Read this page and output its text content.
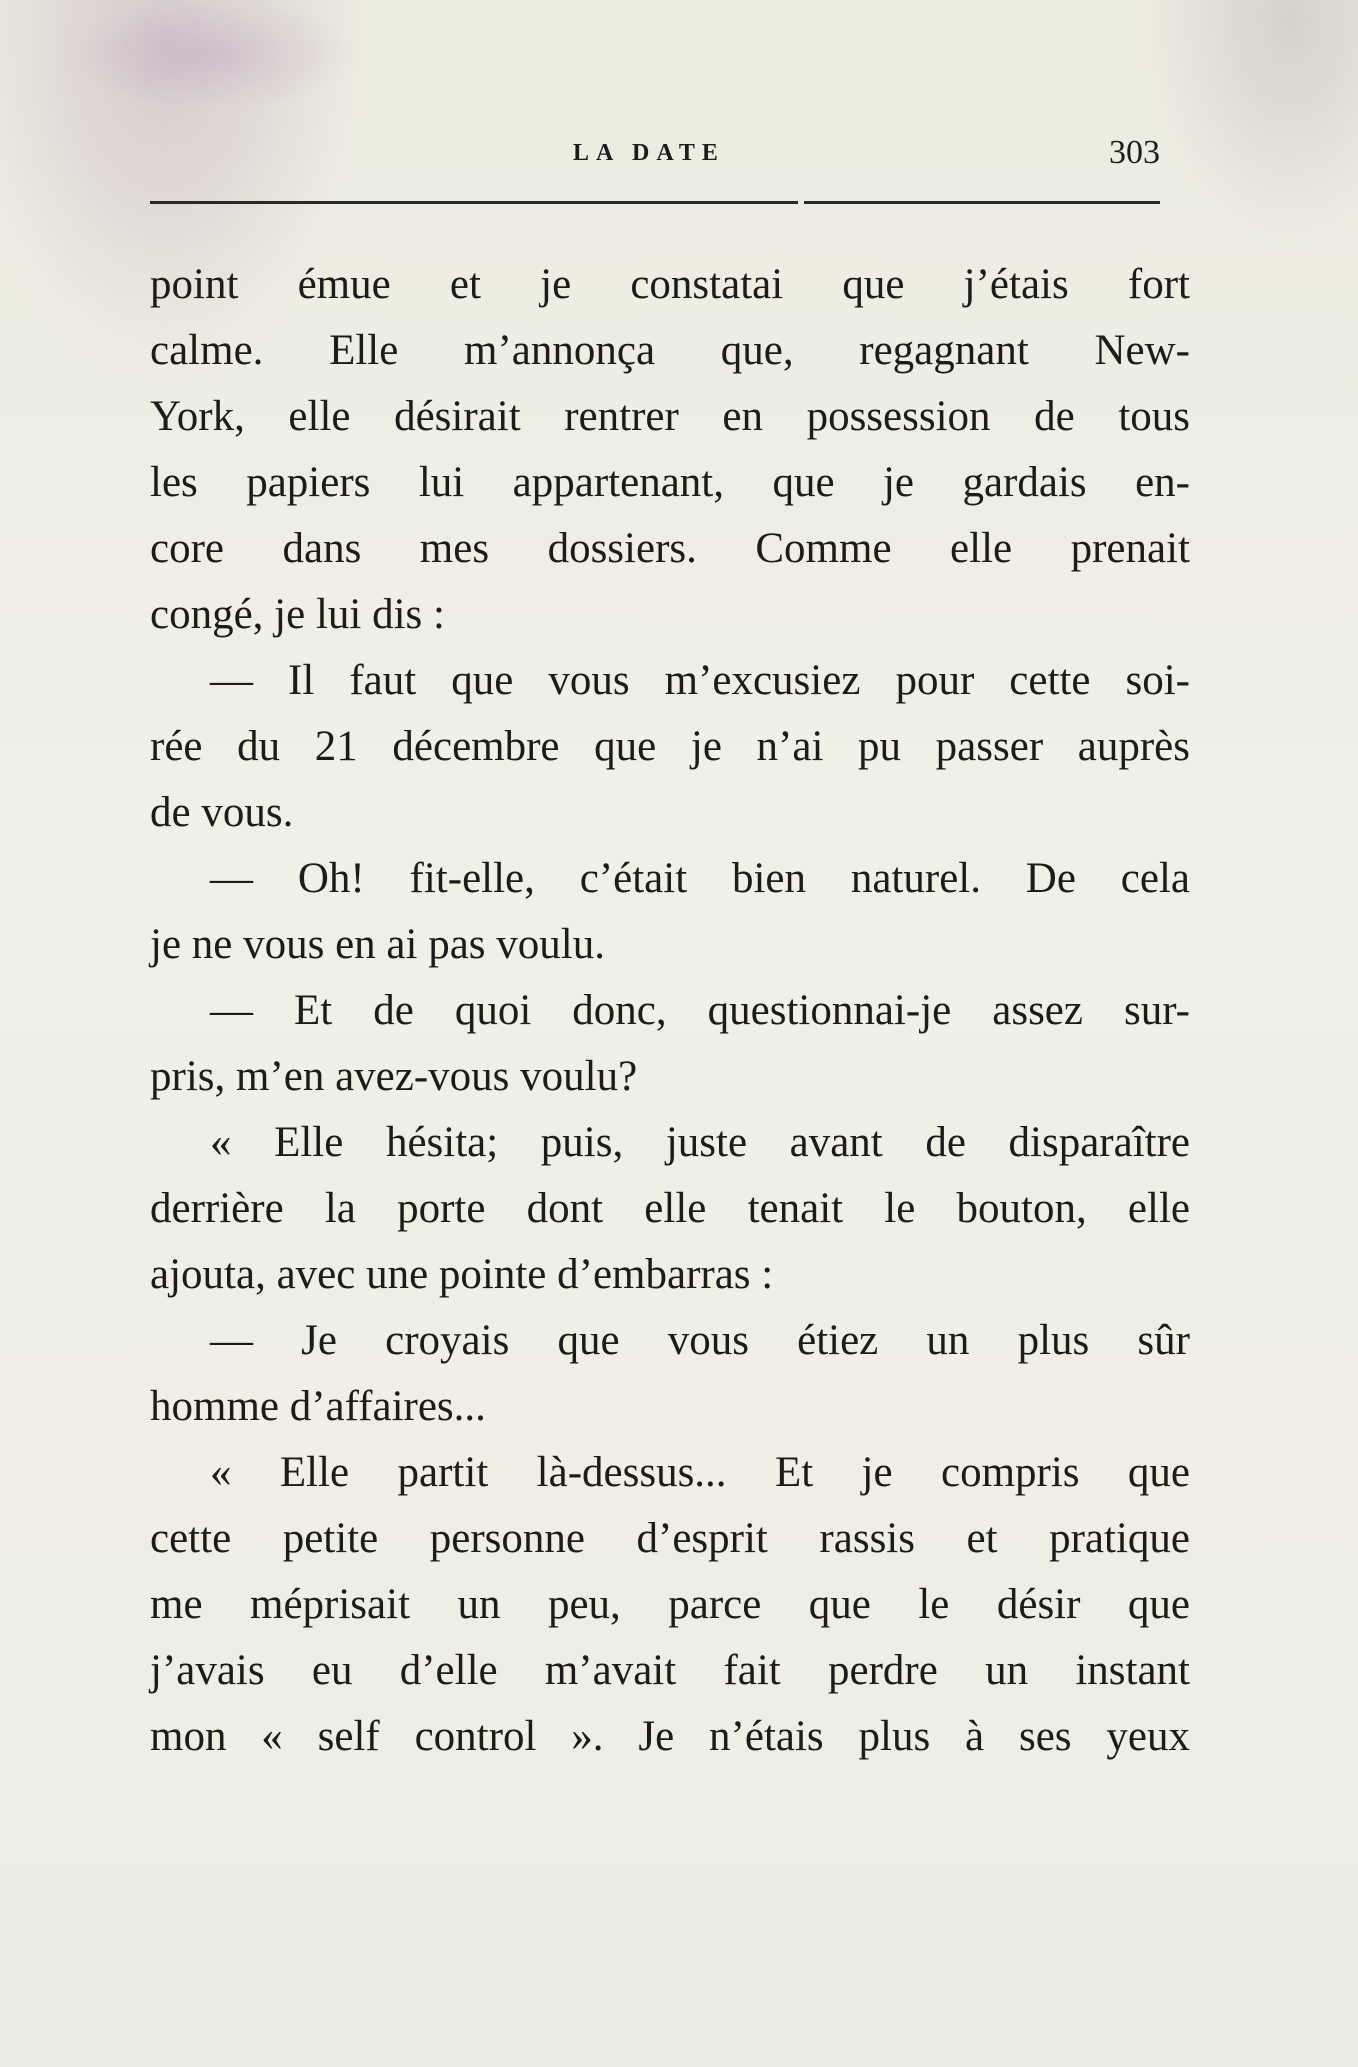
LA DATE	303
point émue et je constatai que j’étais fort
calme. Elle m’annonça que, regagnant New-
York, elle désirait rentrer en possession de tous
les papiers lui appartenant, que je gardais en-
core dans mes dossiers. Comme elle prenait
congé, je lui dis :
— Il faut que vous m’excusiez pour cette soi-
rée du 21 décembre que je n’ai pu passer auprès
de vous.
— Oh! fit-elle, c’était bien naturel. De cela
je ne vous en ai pas voulu.
— Et de quoi donc, questionnai-je assez sur-
pris, m’en avez-vous voulu?
« Elle hésita; puis, juste avant de disparaître
derrière la porte dont elle tenait le bouton, elle
ajouta, avec une pointe d’embarras :
— Je croyais que vous étiez un plus sûr
homme d’affaires...
« Elle partit là-dessus... Et je compris que
cette petite personne d’esprit rassis et pratique
me méprisait un peu, parce que le désir que
j’avais eu d’elle m’avait fait perdre un instant
mon « self control ». Je n’étais plus à ses yeux
